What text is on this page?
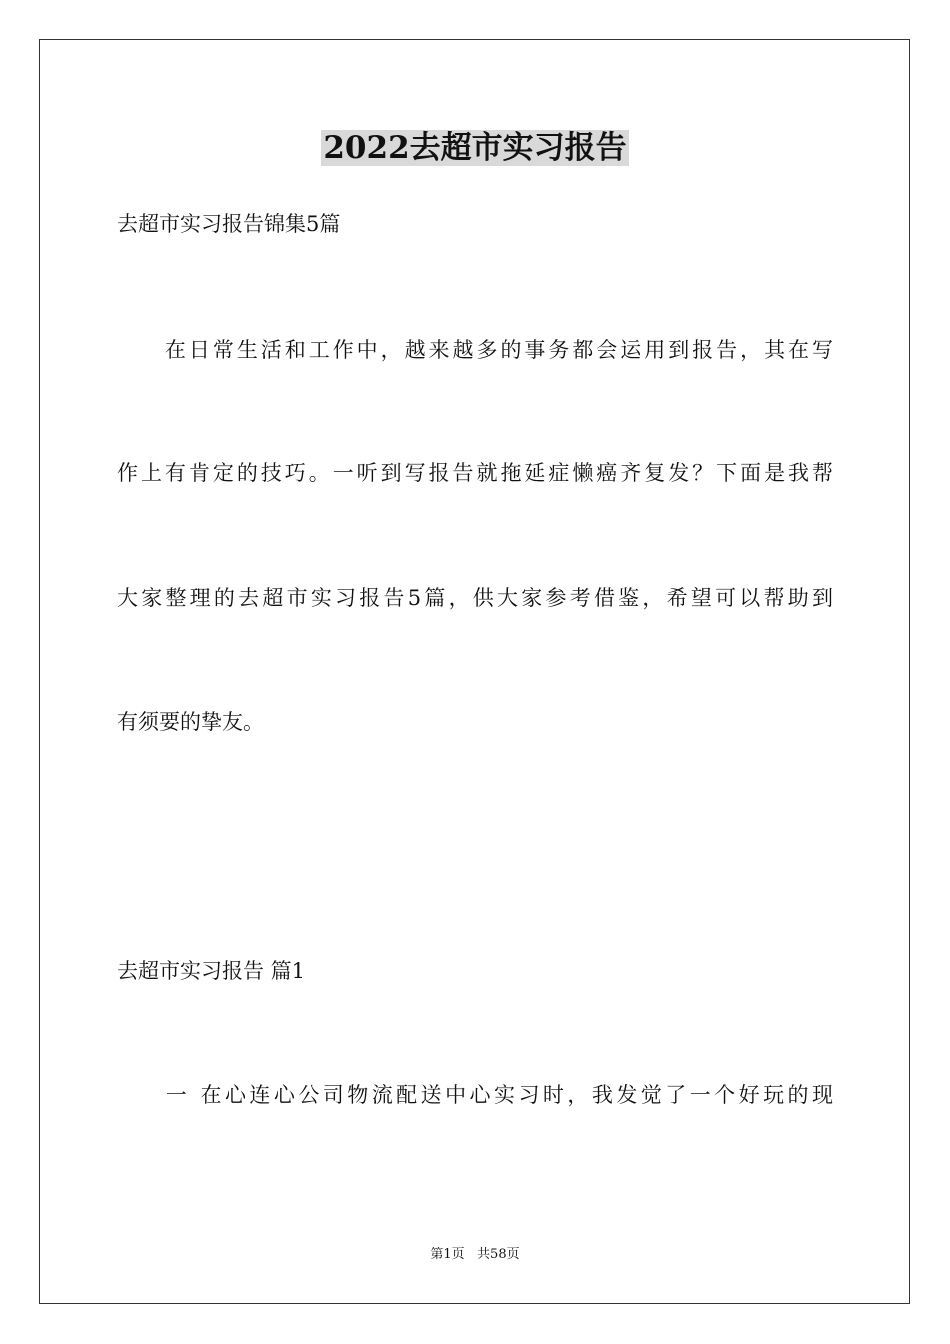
2022去超市实习报告
去超市实习报告锦集5篇
　　在日常生活和工作中，越来越多的事务都会运用到报告，其在写
作上有肯定的技巧。一听到写报告就拖延症懒癌齐复发？下面是我帮
大家整理的去超市实习报告5篇，供大家参考借鉴，希望可以帮助到
有须要的挚友。
去超市实习报告 篇1
　　一 在心连心公司物流配送中心实习时，我发觉了一个好玩的现
第1页   共58页
